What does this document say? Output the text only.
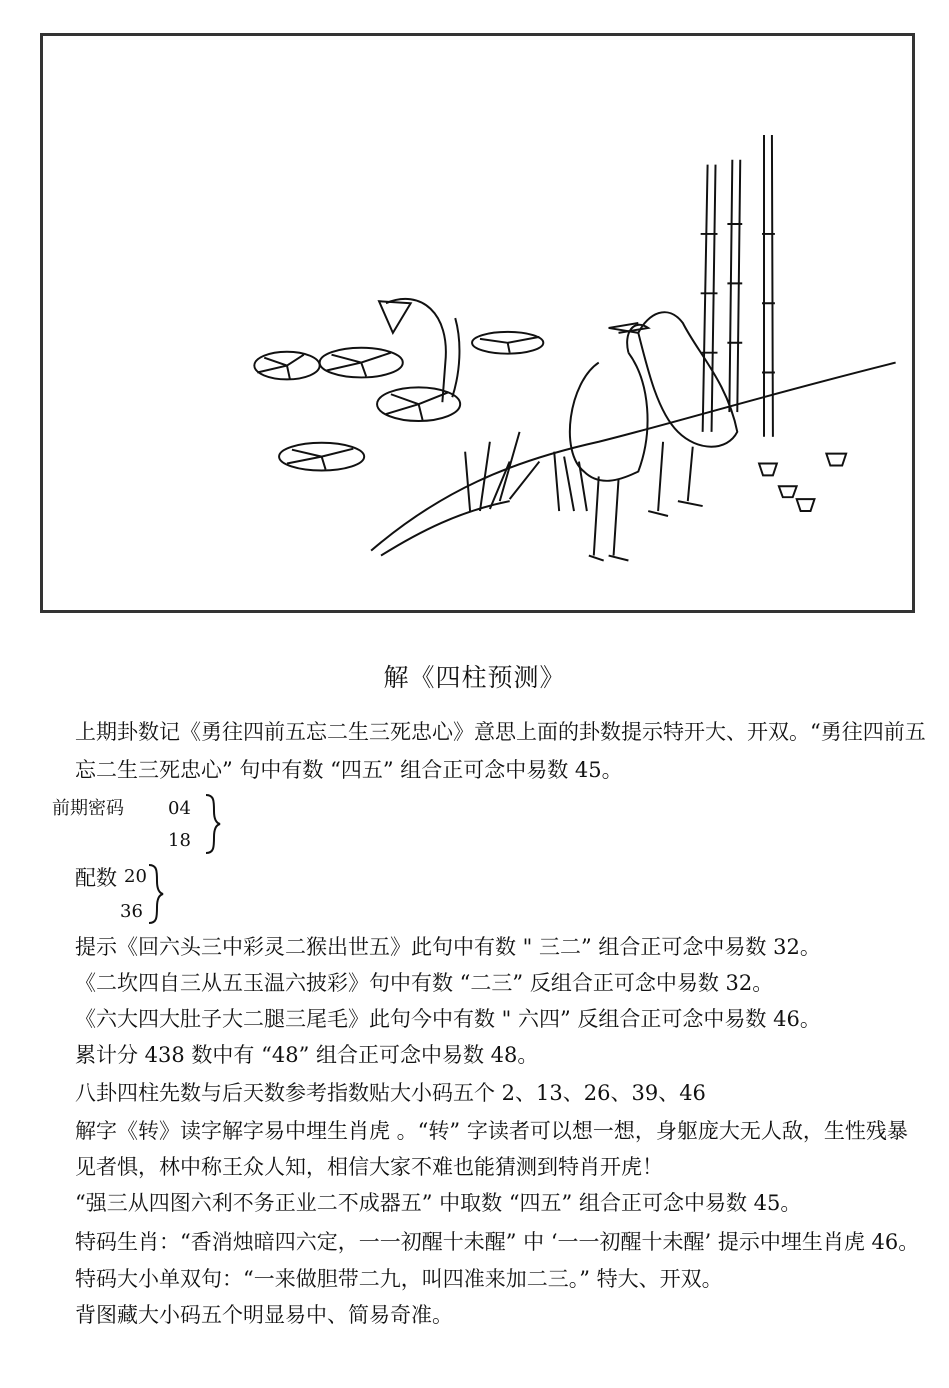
解《四柱预测》
上期卦数记《勇往四前五忘二生三死忠心》意思上面的卦数提示特开大、开双。“勇往四前五
忘二生三死忠心” 句中有数 “四五” 组合正可念中易数 45。
前期密码 04
18
配数 20
36
提示《回六头三中彩灵二猴出世五》此句中有数 " 三二” 组合正可念中易数 32。
《二坎四自三从五玉温六披彩》句中有数 “二三” 反组合正可念中易数 32。
《六大四大肚子大二腿三尾毛》此句今中有数 " 六四” 反组合正可念中易数 46。
累计分 438 数中有 “48” 组合正可念中易数 48。
八卦四柱先数与后天数参考指数贴大小码五个 2、13、26、39、46
解字《转》读字解字易中埋生肖虎 。“转” 字读者可以想一想，身躯庞大无人敌，生性残暴
见者惧，林中称王众人知，相信大家不难也能猜测到特肖开虎！
“强三从四图六利不务正业二不成器五” 中取数 “四五” 组合正可念中易数 45。
特码生肖：“香消烛暗四六定，一一初醒十未醒” 中 ‘一一初醒十未醒’ 提示中埋生肖虎 46。
特码大小单双句：“一来做胆带二九，叫四准来加二三。” 特大、开双。
背图藏大小码五个明显易中、简易奇准。
